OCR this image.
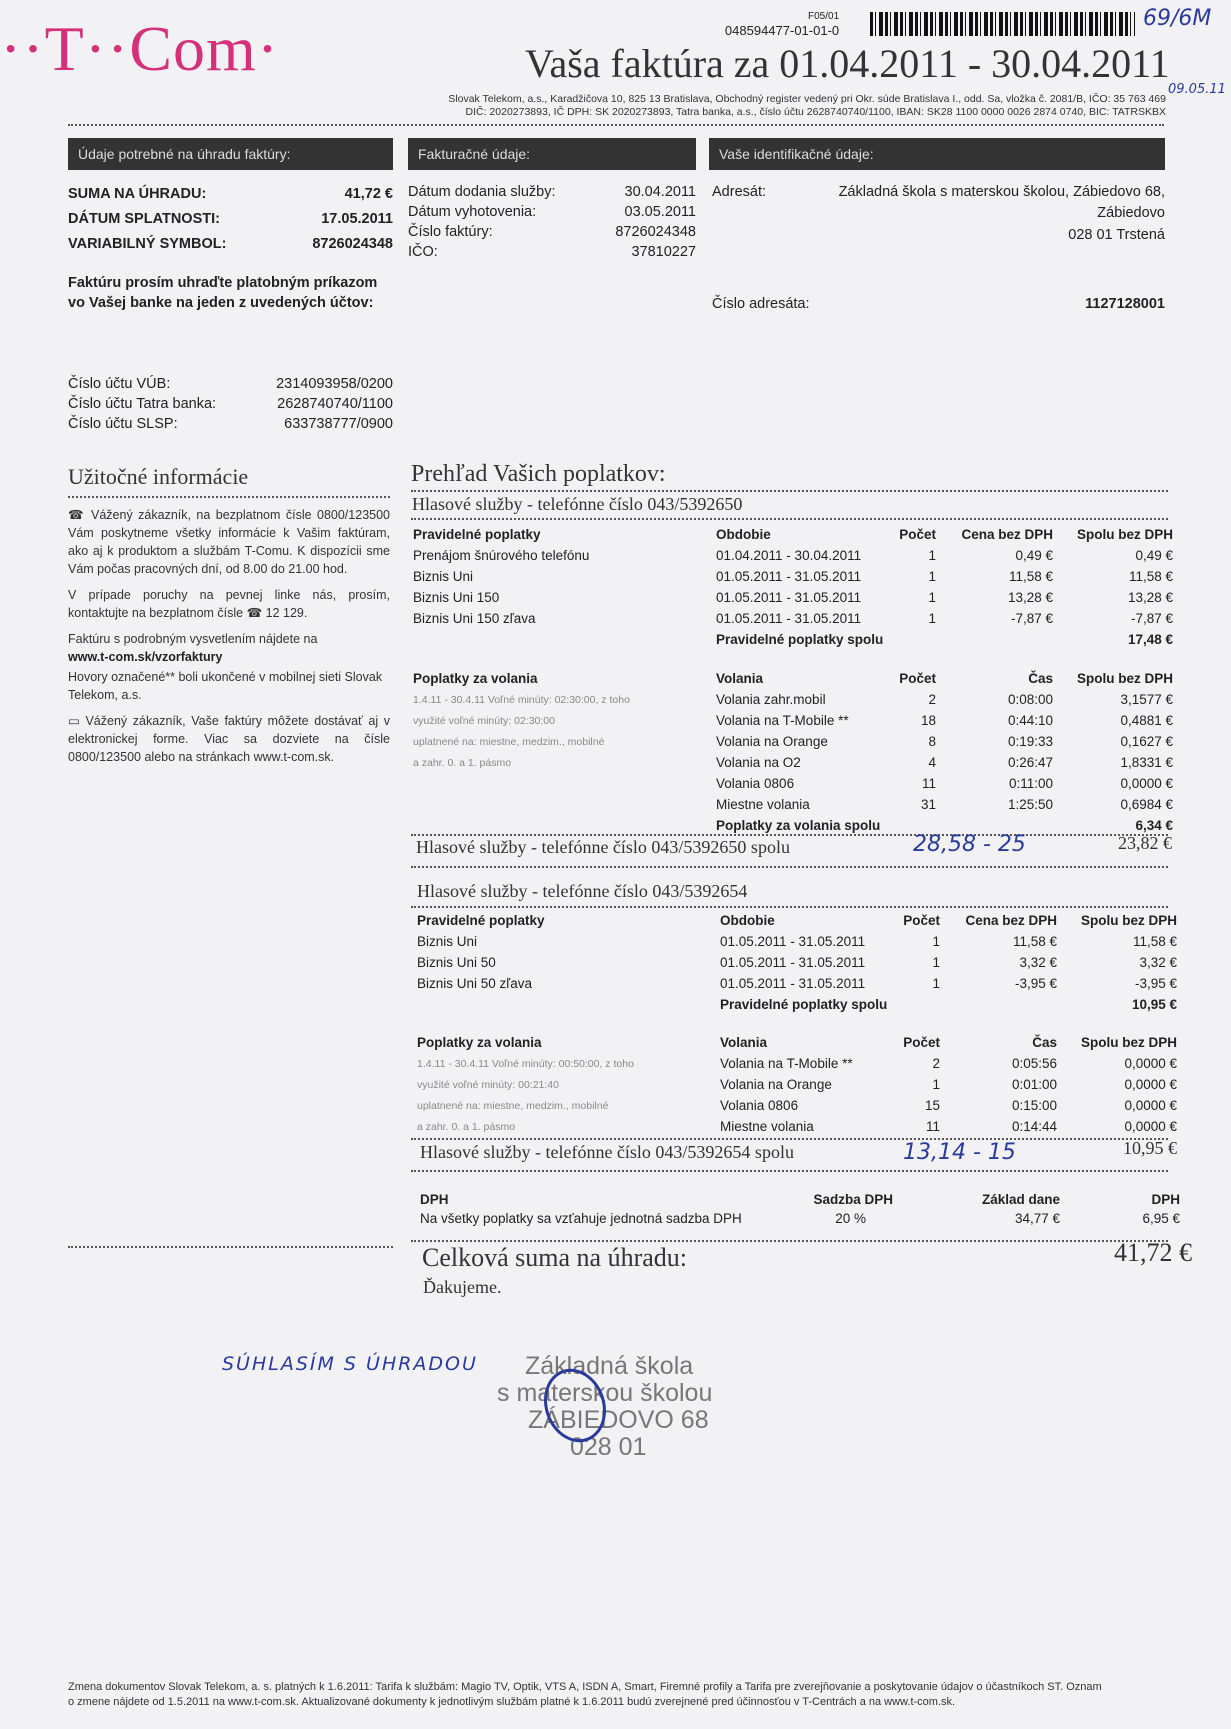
··T··Com·	F05/01
048594477-01-01-0	69/6M
09.05.11
Vaša faktúra za 01.04.2011 - 30.04.2011
Slovak Telekom, a.s., Karadžičova 10, 825 13 Bratislava, Obchodný register vedený pri Okr. súde Bratislava I., odd. Sa, vložka č. 2081/B, IČO: 35 763 469
DIČ: 2020273893, IČ DPH: SK 2020273893, Tatra banka, a.s., číslo účtu 2628740740/1100, IBAN: SK28 1100 0000 0026 2874 0740, BIC: TATRSKBX
Údaje potrebné na úhradu faktúry:
SUMA NA ÚHRADU:	41,72 €
DÁTUM SPLATNOSTI:	17.05.2011
VARIABILNÝ SYMBOL:	8726024348
Faktúru prosím uhraďte platobným príkazom vo Vašej banke na jeden z uvedených účtov:
Číslo účtu VÚB:	2314093958/0200
Číslo účtu Tatra banka:	2628740740/1100
Číslo účtu SLSP:	633738777/0900
Fakturačné údaje:
Dátum dodania služby:	30.04.2011
Dátum vyhotovenia:	03.05.2011
Číslo faktúry:	8726024348
IČO:	37810227
Vaše identifikačné údaje:
Adresát:	Základná škola s materskou školou, Zábiedovo 68,
Zábiedovo
028 01 Trstená
Číslo adresáta:	1127128001
Užitočné informácie
☎ Vážený zákazník, na bezplatnom čísle 0800/123500 Vám poskytneme všetky informácie k Vašim faktúram, ako aj k produktom a službám T-Comu. K dispozícii sme Vám počas pracovných dní, od 8.00 do 21.00 hod.
V prípade poruchy na pevnej linke nás, prosím, kontaktujte na bezplatnom čísle ☎ 12 129.
Faktúru s podrobným vysvetlením nájdete na
www.t-com.sk/vzorfaktury
Hovory označené** boli ukončené v mobilnej sieti Slovak Telekom, a.s.
▭ Vážený zákazník, Vaše faktúry môžete dostávať aj v elektronickej forme. Viac sa dozviete na čísle 0800/123500 alebo na stránkach www.t-com.sk.
Prehľad Vašich poplatkov:
Hlasové služby - telefónne číslo 043/5392650
Pravidelné poplatky	Obdobie	Počet	Cena bez DPH	Spolu bez DPH
Prenájom šnúrového telefónu	01.04.2011 - 30.04.2011	1	0,49 €	0,49 €
Biznis Uni	01.05.2011 - 31.05.2011	1	11,58 €	11,58 €
Biznis Uni 150	01.05.2011 - 31.05.2011	1	13,28 €	13,28 €
Biznis Uni 150 zľava	01.05.2011 - 31.05.2011	1	-7,87 €	-7,87 €
	Pravidelné poplatky spolu			17,48 €
Poplatky za volania	Volania	Počet	Čas	Spolu bez DPH
1.4.11 - 30.4.11 Voľné minúty: 02:30:00, z toho	Volania zahr.mobil	2	0:08:00	3,1577 €
využité voľné minúty: 02:30:00	Volania na T-Mobile **	18	0:44:10	0,4881 €
uplatnené na: miestne, medzim., mobilné	Volania na Orange	8	0:19:33	0,1627 €
a zahr. 0. a 1. pásmo	Volania na O2	4	0:26:47	1,8331 €
	Volania 0806	11	0:11:00	0,0000 €
	Miestne volania	31	1:25:50	0,6984 €
	Poplatky za volania spolu			6,34 €
Hlasové služby - telefónne číslo 043/5392650 spolu	28,58 - 25	23,82 €
Hlasové služby - telefónne číslo 043/5392654
Pravidelné poplatky	Obdobie	Počet	Cena bez DPH	Spolu bez DPH
Biznis Uni	01.05.2011 - 31.05.2011	1	11,58 €	11,58 €
Biznis Uni 50	01.05.2011 - 31.05.2011	1	3,32 €	3,32 €
Biznis Uni 50 zľava	01.05.2011 - 31.05.2011	1	-3,95 €	-3,95 €
	Pravidelné poplatky spolu			10,95 €
Poplatky za volania	Volania	Počet	Čas	Spolu bez DPH
1.4.11 - 30.4.11 Voľné minúty: 00:50:00, z toho	Volania na T-Mobile **	2	0:05:56	0,0000 €
využité voľné minúty: 00:21:40	Volania na Orange	1	0:01:00	0,0000 €
uplatnené na: miestne, medzim., mobilné	Volania 0806	15	0:15:00	0,0000 €
a zahr. 0. a 1. pásmo	Miestne volania	11	0:14:44	0,0000 €
Hlasové služby - telefónne číslo 043/5392654 spolu	13,14 - 15	10,95 €
DPH	Sadzba DPH	Základ dane	DPH
Na všetky poplatky sa vzťahuje jednotná sadzba DPH	20 %	34,77 €	6,95 €
Celková suma na úhradu:	41,72 €
Ďakujeme.
SÚHLASÍM S ÚHRADOU Základná škola
s materskou školou
ZÁBIEDOVO 68
028 01
Zmena dokumentov Slovak Telekom, a. s. platných k 1.6.2011: Tarifa k službám: Magio TV, Optik, VTS A, ISDN A, Smart, Firemné profily a Tarifa pre zverejňovanie a poskytovanie údajov o účastníkoch ST. Oznam
o zmene nájdete od 1.5.2011 na www.t-com.sk. Aktualizované dokumenty k jednotlivým službám platné k 1.6.2011 budú zverejnené pred účinnosťou v T-Centrách a na www.t-com.sk.
